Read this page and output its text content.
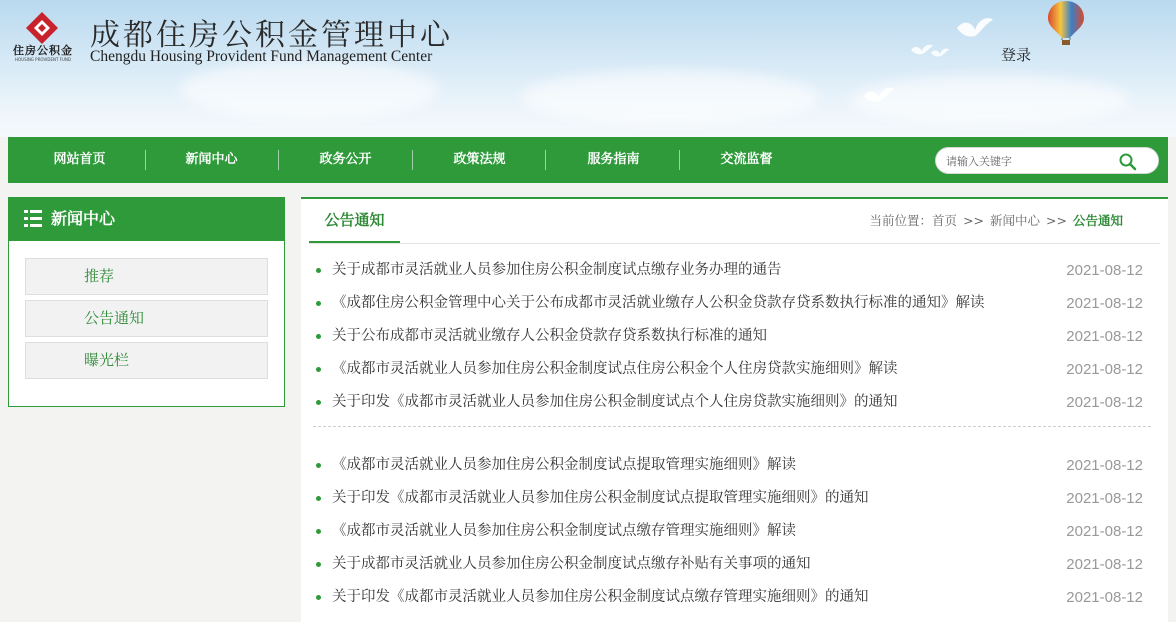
住房公积金
HOUSING PROVIDENT FUND
成都住房公积金管理中心
Chengdu Housing Provident Fund Management Center	登录
网站首页	新闻中心	政务公开	政策法规	服务指南	交流监督
请输入关键字
新闻中心
推荐
公告通知
曝光栏
公告通知	当前位置：首页 >> 新闻中心 >> 公告通知
关于成都市灵活就业人员参加住房公积金制度试点缴存业务办理的通告	2021-08-12
《成都住房公积金管理中心关于公布成都市灵活就业缴存人公积金贷款存贷系数执行标准的通知》解读	2021-08-12
关于公布成都市灵活就业缴存人公积金贷款存贷系数执行标准的通知	2021-08-12
《成都市灵活就业人员参加住房公积金制度试点住房公积金个人住房贷款实施细则》解读	2021-08-12
关于印发《成都市灵活就业人员参加住房公积金制度试点个人住房贷款实施细则》的通知	2021-08-12
《成都市灵活就业人员参加住房公积金制度试点提取管理实施细则》解读	2021-08-12
关于印发《成都市灵活就业人员参加住房公积金制度试点提取管理实施细则》的通知	2021-08-12
《成都市灵活就业人员参加住房公积金制度试点缴存管理实施细则》解读	2021-08-12
关于成都市灵活就业人员参加住房公积金制度试点缴存补贴有关事项的通知	2021-08-12
关于印发《成都市灵活就业人员参加住房公积金制度试点缴存管理实施细则》的通知	2021-08-12
